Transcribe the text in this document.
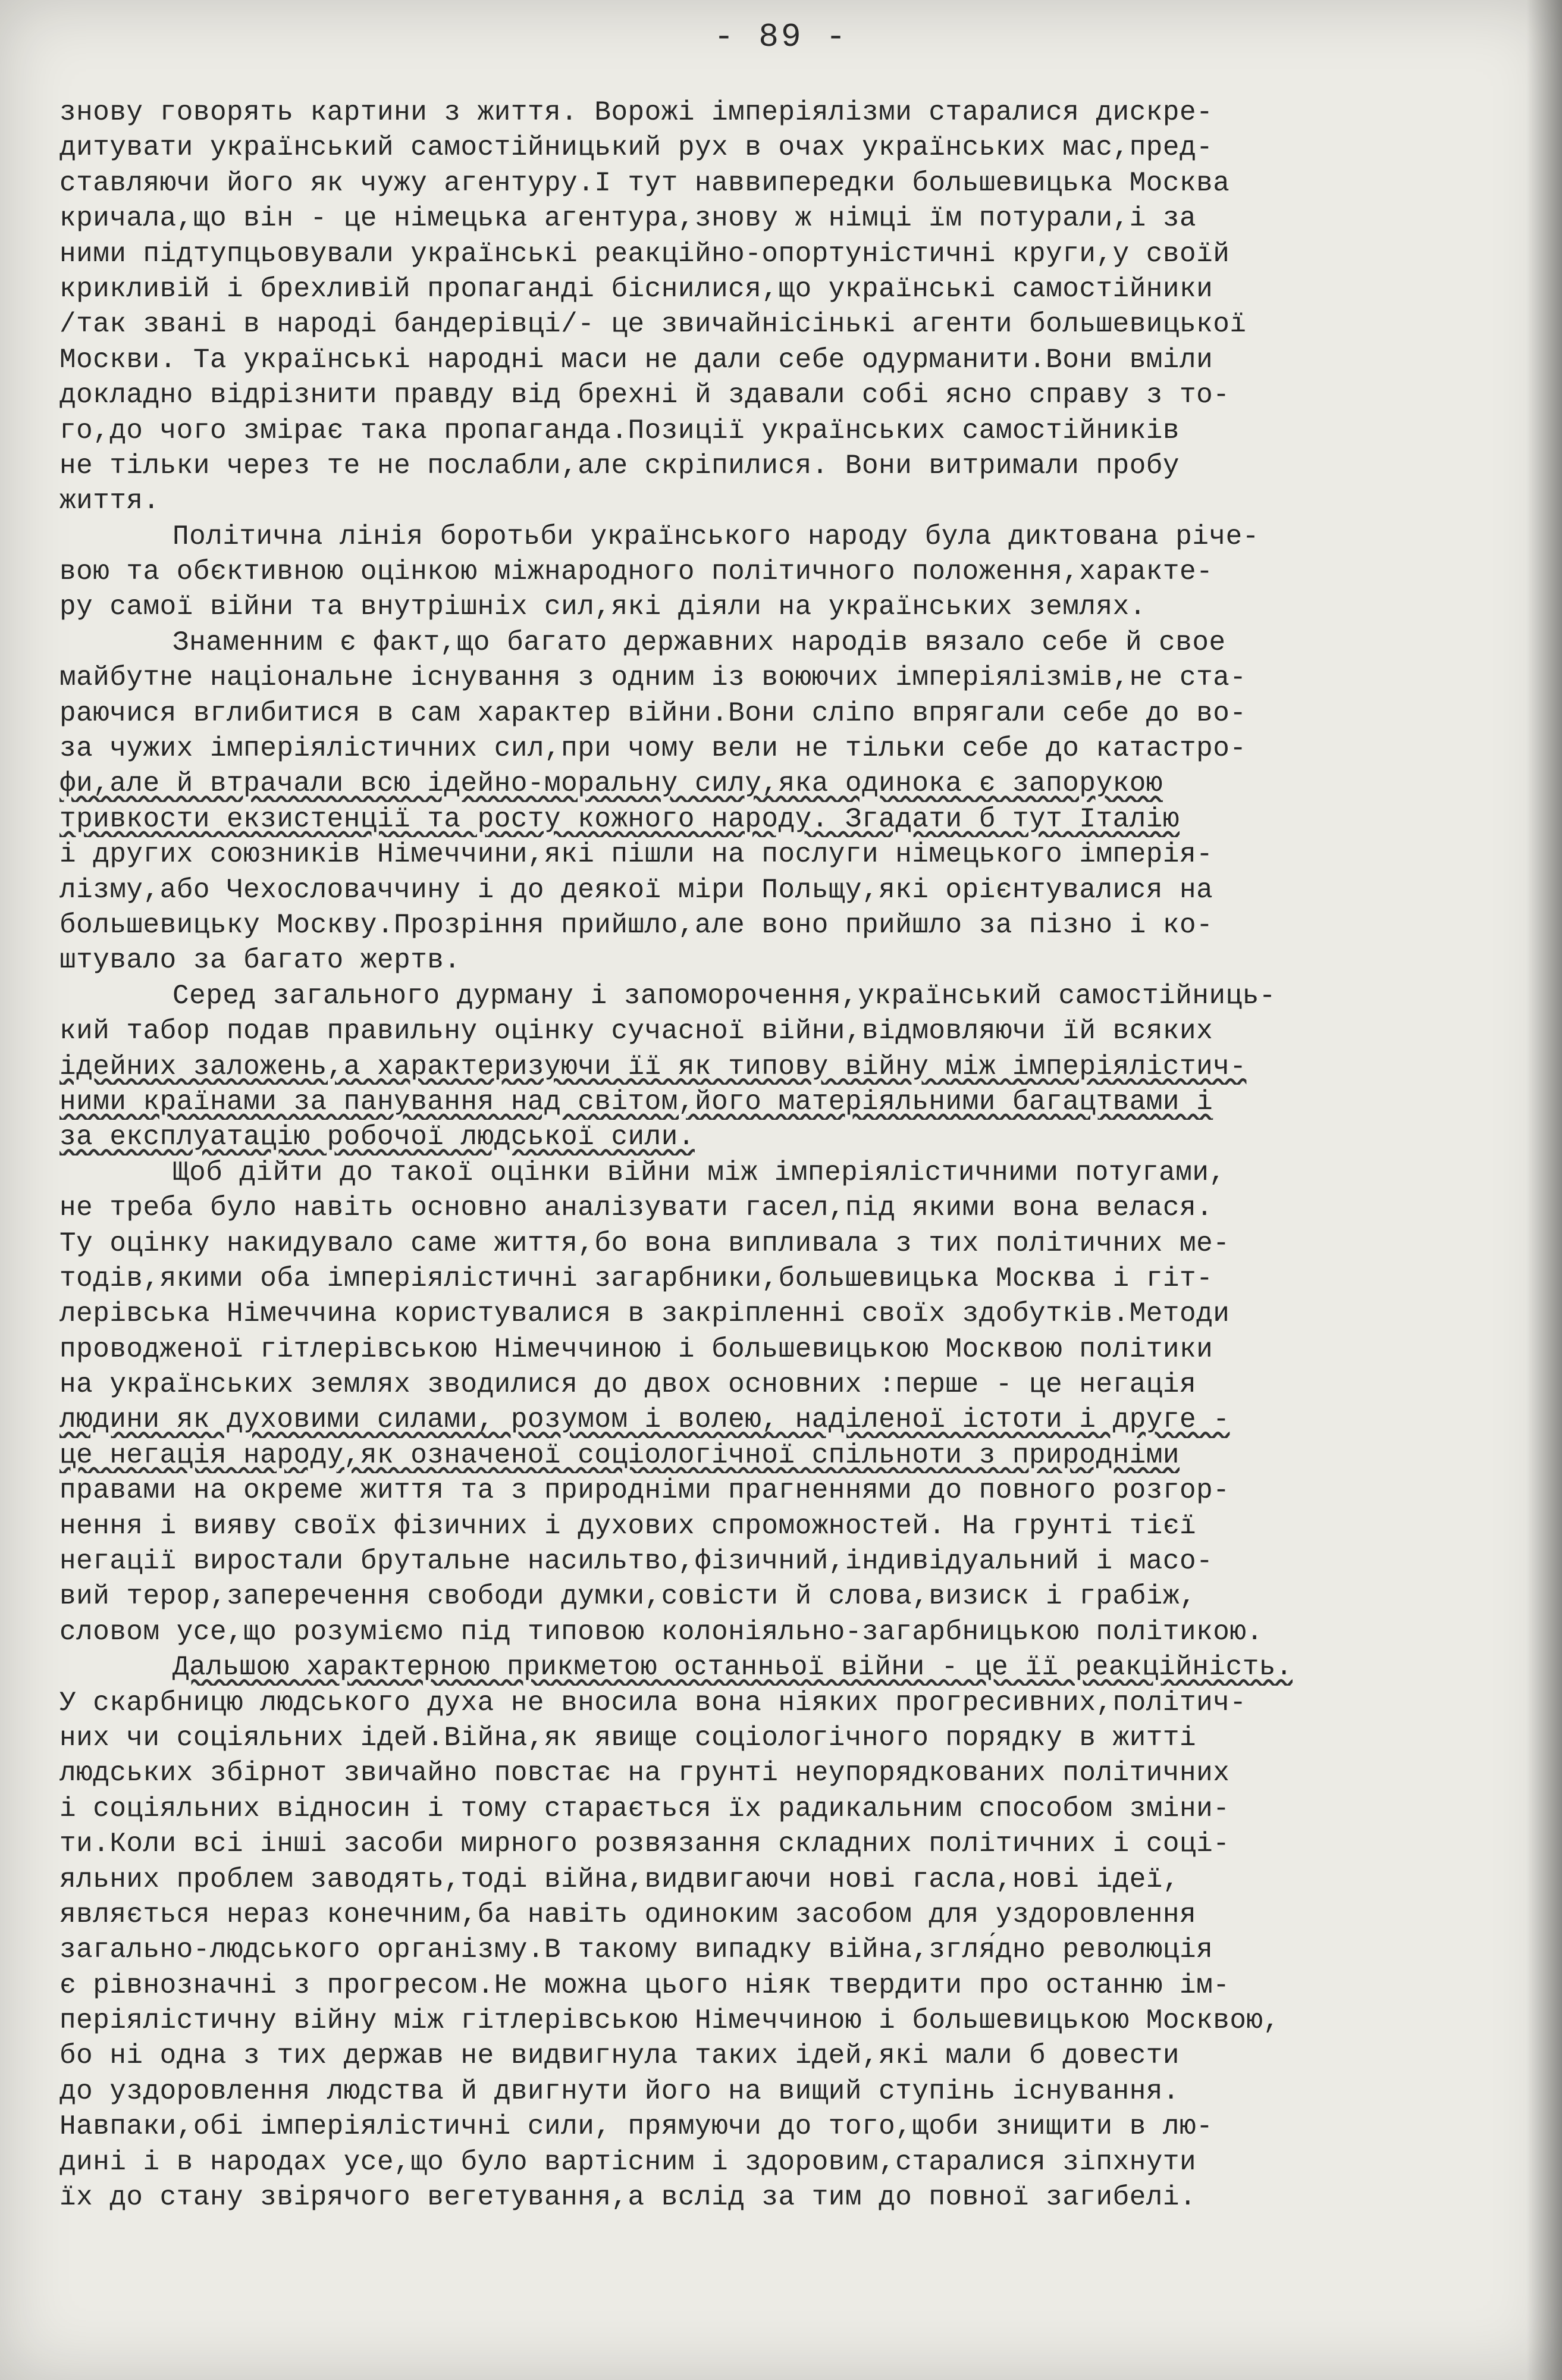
- 89 -

знову говорять картини з життя. Ворожі імперіялізми старалися дискре-
дитувати український самостійницький рух в очах українських мас,пред-
ставляючи його як чужу агентуру.І тут наввипередки большевицька Москва
кричала,що він - це німецька агентура,знову ж німці їм потурали,і за
ними підтупцьовували українські реакційно-опортуністичні круги,у своїй
крикливій і брехливій пропаганді біснилися,що українські самостійники
/так звані в народі бандерівці/- це звичайнісінькі агенти большевицької
Москви. Та українські народні маси не дали себе одурманити.Вони вміли
докладно відрізнити правду від брехні й здавали собі ясно справу з то-
го,до чого змірає така пропаганда.Позиції українських самостійників
не тільки через те не послабли,але скріпилися. Вони витримали пробу
життя.

Політична лінія боротьби українського народу була диктована річе-
вою та обєктивною оцінкою міжнародного політичного положення,характе-
ру самої війни та внутрішніх сил,які діяли на українських землях.

Знаменним є факт,що багато державних народів вязало себе й свое
майбутне національне існування з одним із воюючих імперіялізмів,не ста-
раючися вглибитися в сам характер війни.Вони сліпо впрягали себе до во-
за чужих імперіялістичних сил,при чому вели не тільки себе до катастро-
фи,але й втрачали всю ідейно-моральну силу,яка одинока є запорукою
тривкости екзистенції та росту кожного народу. Згадати б тут Італію
і других союзників Німеччини,які пішли на послуги німецького імперія-
лізму,або Чехословаччину і до деякої міри Польщу,які орієнтувалися на
большевицьку Москву.Прозріння прийшло,але воно прийшло за пізно і ко-
штувало за багато жертв.

Серед загального дурману і запоморочення,український самостійниць-
кий табор подав правильну оцінку сучасної війни,відмовляючи їй всяких
ідейних заложень,а характеризуючи її як типову війну між імперіялістич-
ними країнами за панування над світом,його матеріяльними багацтвами і
за експлуатацію робочої людської сили.

Щоб дійти до такої оцінки війни між імперіялістичними потугами,
не треба було навіть основно аналізувати гасел,під якими вона велася.
Ту оцінку накидувало саме життя,бо вона випливала з тих політичних ме-
тодів,якими оба імперіялістичні загарбники,большевицька Москва і гіт-
лерівська Німеччина користувалися в закріпленні своїх здобутків.Методи
проводженої гітлерівською Німеччиною і большевицькою Москвою політики
на українських землях зводилися до двох основних :перше - це негація
людини як духовими силами, розумом і волею, наділеної істоти і друге -
це негація народу,як означеної соціологічної спільноти з природніми
правами на окреме життя та з природніми прагненнями до повного розгор-
нення і вияву своїх фізичних і духових спроможностей. На грунті тієї
негації виростали брутальне насильтво,фізичний,індивідуальний і масо-
вий терор,заперечення свободи думки,совісти й слова,визиск і грабіж,
словом усе,що розуміємо під типовою колоніяльно-загарбницькою політикою.

Дальшою характерною прикметою останньої війни - це її реакційність.
У скарбницю людського духа не вносила вона ніяких прогресивних,політич-
них чи соціяльних ідей.Війна,як явище соціологічного порядку в житті
людських збірнот звичайно повстає на грунті неупорядкованих політичних
і соціяльних відносин і тому старається їх радикальним способом змiни-
ти.Коли всі інші засоби мирного розвязання складних політичних і соці-
яльних проблем заводять,тоді війна,видвигаючи нові гасла,нові ідеї,
являється нераз конечним,ба навіть одиноким засобом для уздоровлення
загально-людського організму.В такому випадку війна,згля́дно революція
є рівнозначні з прогресом.Не можна цього ніяк твердити про останню ім-
періялістичну війну між гітлерівською Німеччиною і большевицькою Москвою,
бо ні одна з тих держав не видвигнула таких ідей,які мали б довести
до уздоровлення людства й двигнути його на вищий ступінь існування.
Навпаки,обі імперіялістичні сили, прямуючи до того,щоби знищити в лю-
дині і в народах усе,що було вартісним і здоровим,старалися зіпхнути
їх до стану звірячого вегетування,а вслід за тим до повної загибелі.
